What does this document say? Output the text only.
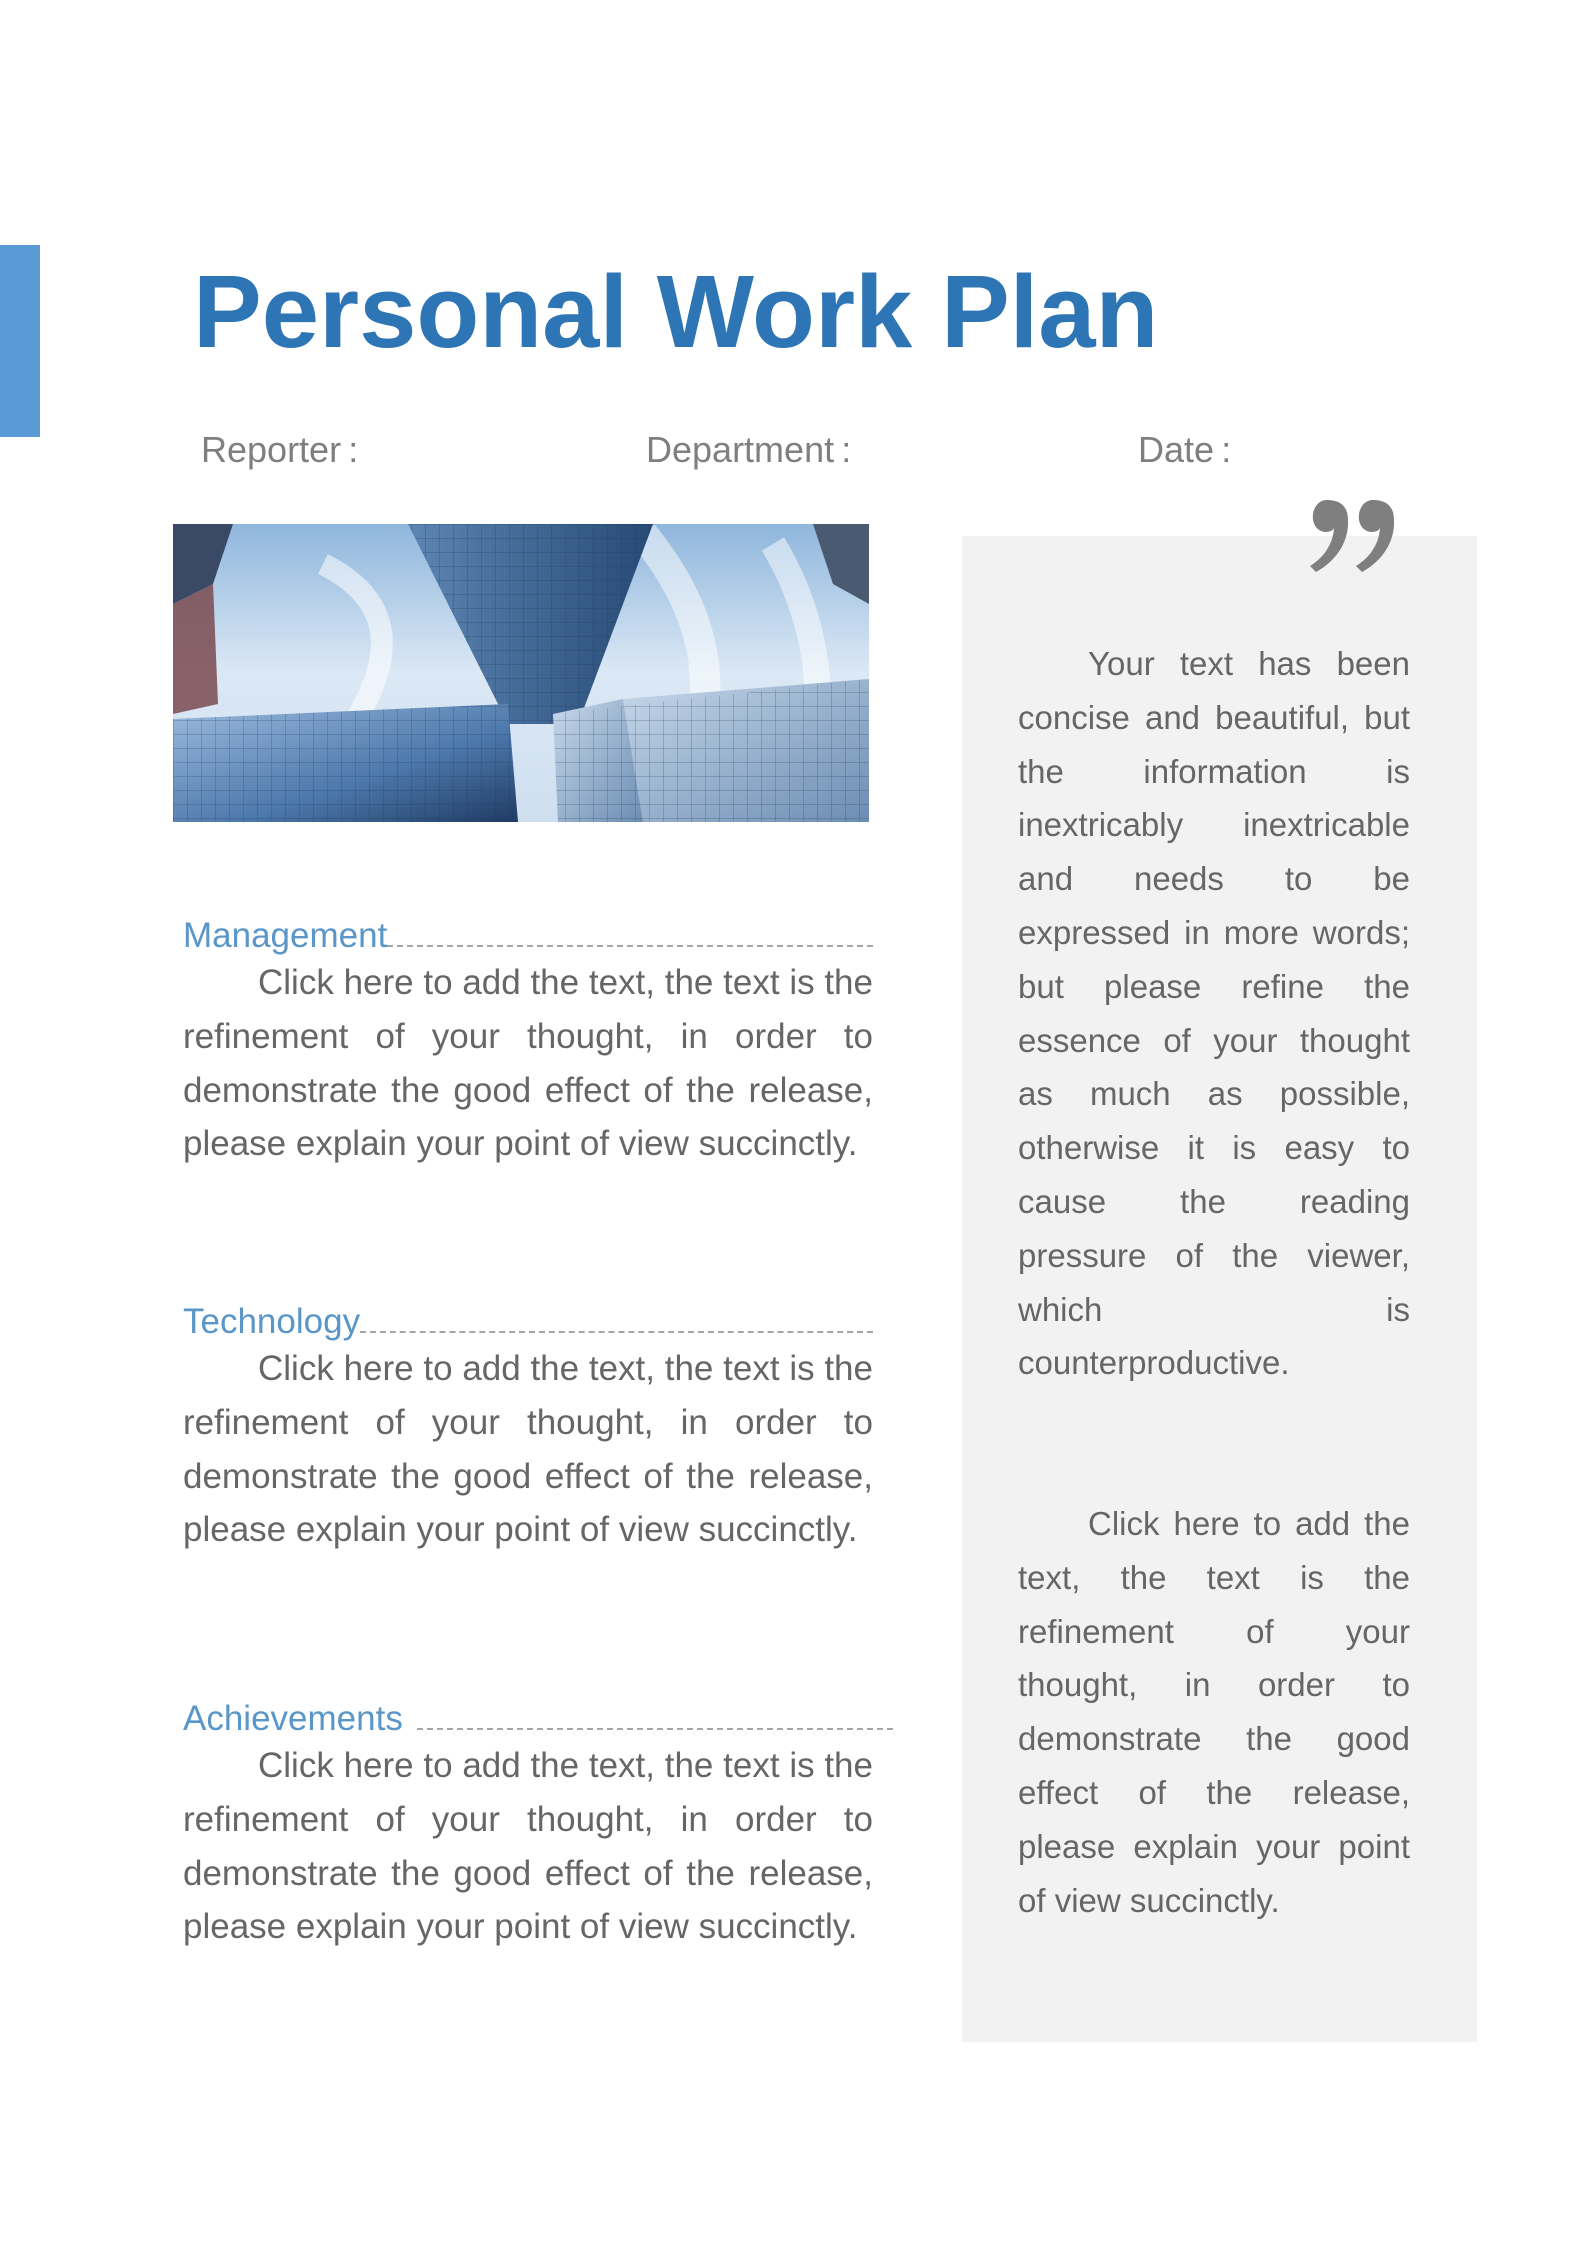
Personal Work Plan
Reporter :	Department :	Date :
Management

Click here to add the text, the text is the refinement of your thought, in order to demonstrate the good effect of the release, please explain your point of view succinctly.

Technology

Click here to add the text, the text is the refinement of your thought, in order to demonstrate the good effect of the release, please explain your point of view succinctly.

Achievements

Click here to add the text, the text is the refinement of your thought, in order to demonstrate the good effect of the release, please explain your point of view succinctly.

Your text has been concise and beautiful, but the information is inextricably inextricable and needs to be expressed in more words; but please refine the essence of your thought as much as possible, otherwise it is easy to cause the reading pressure of the viewer, which is counterproductive.

Click here to add the text, the text is the refinement of your thought, in order to demonstrate the good effect of the release, please explain your point of view succinctly.
